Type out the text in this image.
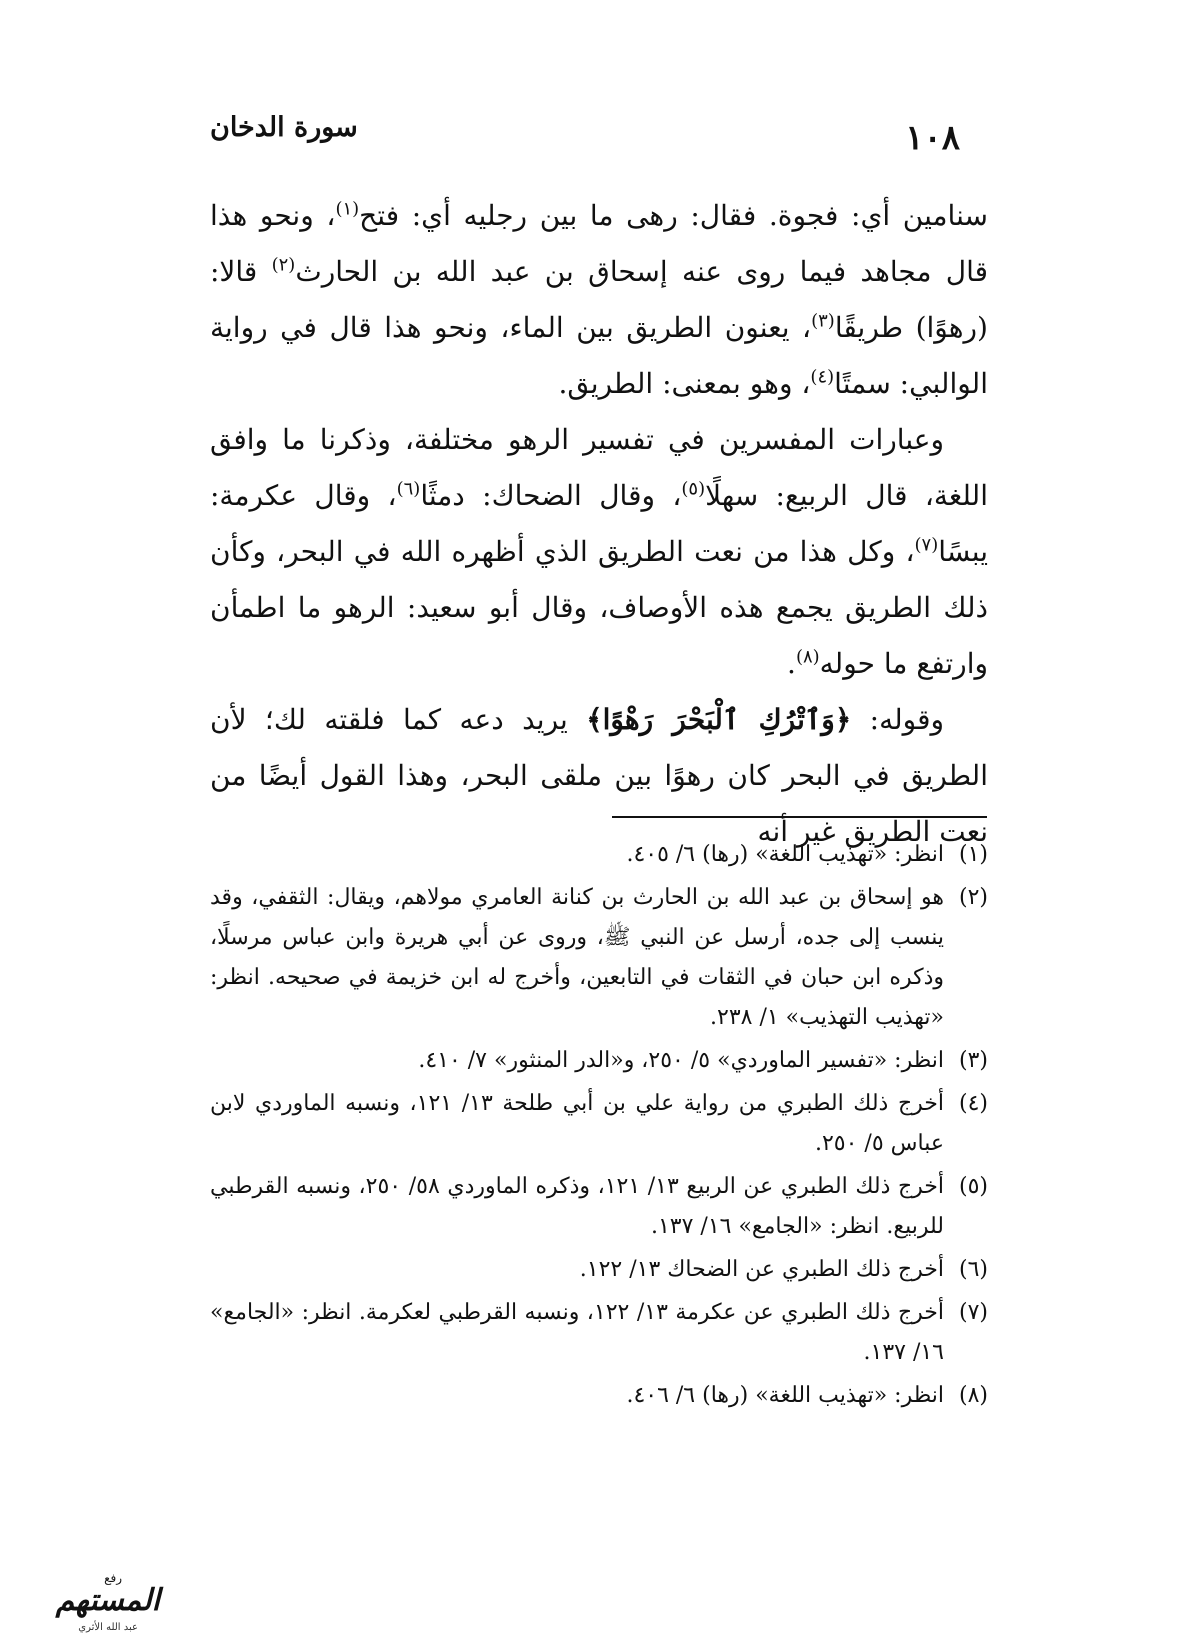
١٠٨
سورة الدخان

سنامين أي: فجوة. فقال: رهى ما بين رجليه أي: فتح$^{(١)}$، ونحو هذا قال مجاهد فيما روى عنه إسحاق بن عبد الله بن الحارث$^{(٢)}$ قالا: (رهوًا) طريقًا$^{(٣)}$، يعنون الطريق بين الماء، ونحو هذا قال في رواية الوالبي: سمتًا$^{(٤)}$، وهو بمعنى: الطريق.

وعبارات المفسرين في تفسير الرهو مختلفة، وذكرنا ما وافق اللغة، قال الربيع: سهلًا$^{(٥)}$، وقال الضحاك: دمثًا$^{(٦)}$، وقال عكرمة: يبسًا$^{(٧)}$، وكل هذا من نعت الطريق الذي أظهره الله في البحر، وكأن ذلك الطريق يجمع هذه الأوصاف، وقال أبو سعيد: الرهو ما اطمأن وارتفع ما حوله$^{(٨)}$.

وقوله: ﴿وَٱتْرُكِ ٱلْبَحْرَ رَهْوًا﴾ يريد دعه كما فلقته لك؛ لأن الطريق في البحر كان رهوًا بين ملقى البحر، وهذا القول أيضًا من نعت الطريق غير أنه

(١)
انظر: «تهذيب اللغة» (رها) ٦/ ٤٠٥.
(٢)
هو إسحاق بن عبد الله بن الحارث بن كنانة العامري مولاهم، ويقال: الثقفي، وقد ينسب إلى جده، أرسل عن النبي ﷺ، وروى عن أبي هريرة وابن عباس مرسلًا، وذكره ابن حبان في الثقات في التابعين، وأخرج له ابن خزيمة في صحيحه. انظر: «تهذيب التهذيب» ١/ ٢٣٨.
(٣)
انظر: «تفسير الماوردي» ٥/ ٢٥٠، و«الدر المنثور» ٧/ ٤١٠.
(٤)
أخرج ذلك الطبري من رواية علي بن أبي طلحة ١٣/ ١٢١، ونسبه الماوردي لابن عباس ٥/ ٢٥٠.
(٥)
أخرج ذلك الطبري عن الربيع ١٣/ ١٢١، وذكره الماوردي ٥٨/ ٢٥٠، ونسبه القرطبي للربيع. انظر: «الجامع» ١٦/ ١٣٧.
(٦)
أخرج ذلك الطبري عن الضحاك ١٣/ ١٢٢.
(٧)
أخرج ذلك الطبري عن عكرمة ١٣/ ١٢٢، ونسبه القرطبي لعكرمة. انظر: «الجامع» ١٦/ ١٣٧.
(٨)
انظر: «تهذيب اللغة» (رها) ٦/ ٤٠٦.
رفع
المستهم
عبد الله الأثري
